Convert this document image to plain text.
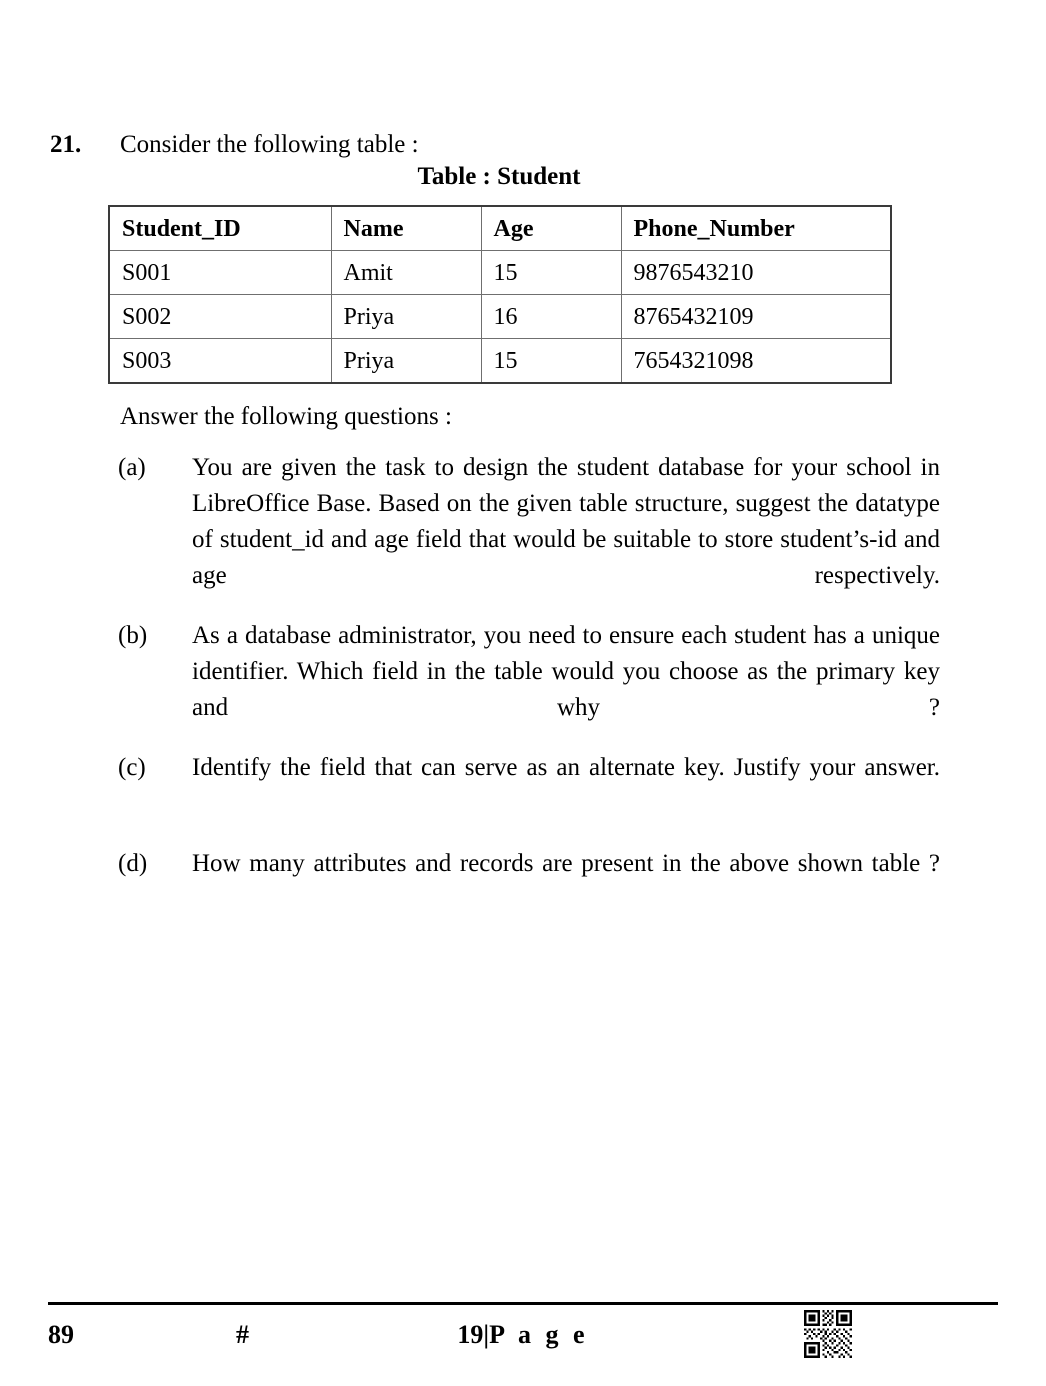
21. Consider the following table :
Table : Student
Student_ID	Name	Age	Phone_Number
S001	Amit	15	9876543210
S002	Priya	16	8765432109
S003	Priya	15	7654321098
Answer the following questions :
(a)	You are given the task to design the student database for your school in LibreOffice Base. Based on the given table structure, suggest the datatype of student_id and age field that would be suitable to store student’s-id and age respectively.
(b)	As a database administrator, you need to ensure each student has a unique identifier. Which field in the table would you choose as the primary key and why ?
(c)	Identify the field that can serve as an alternate key. Justify your answer.
(d)	How many attributes and records are present in the above shown table ?
89	#	19|P a g e
